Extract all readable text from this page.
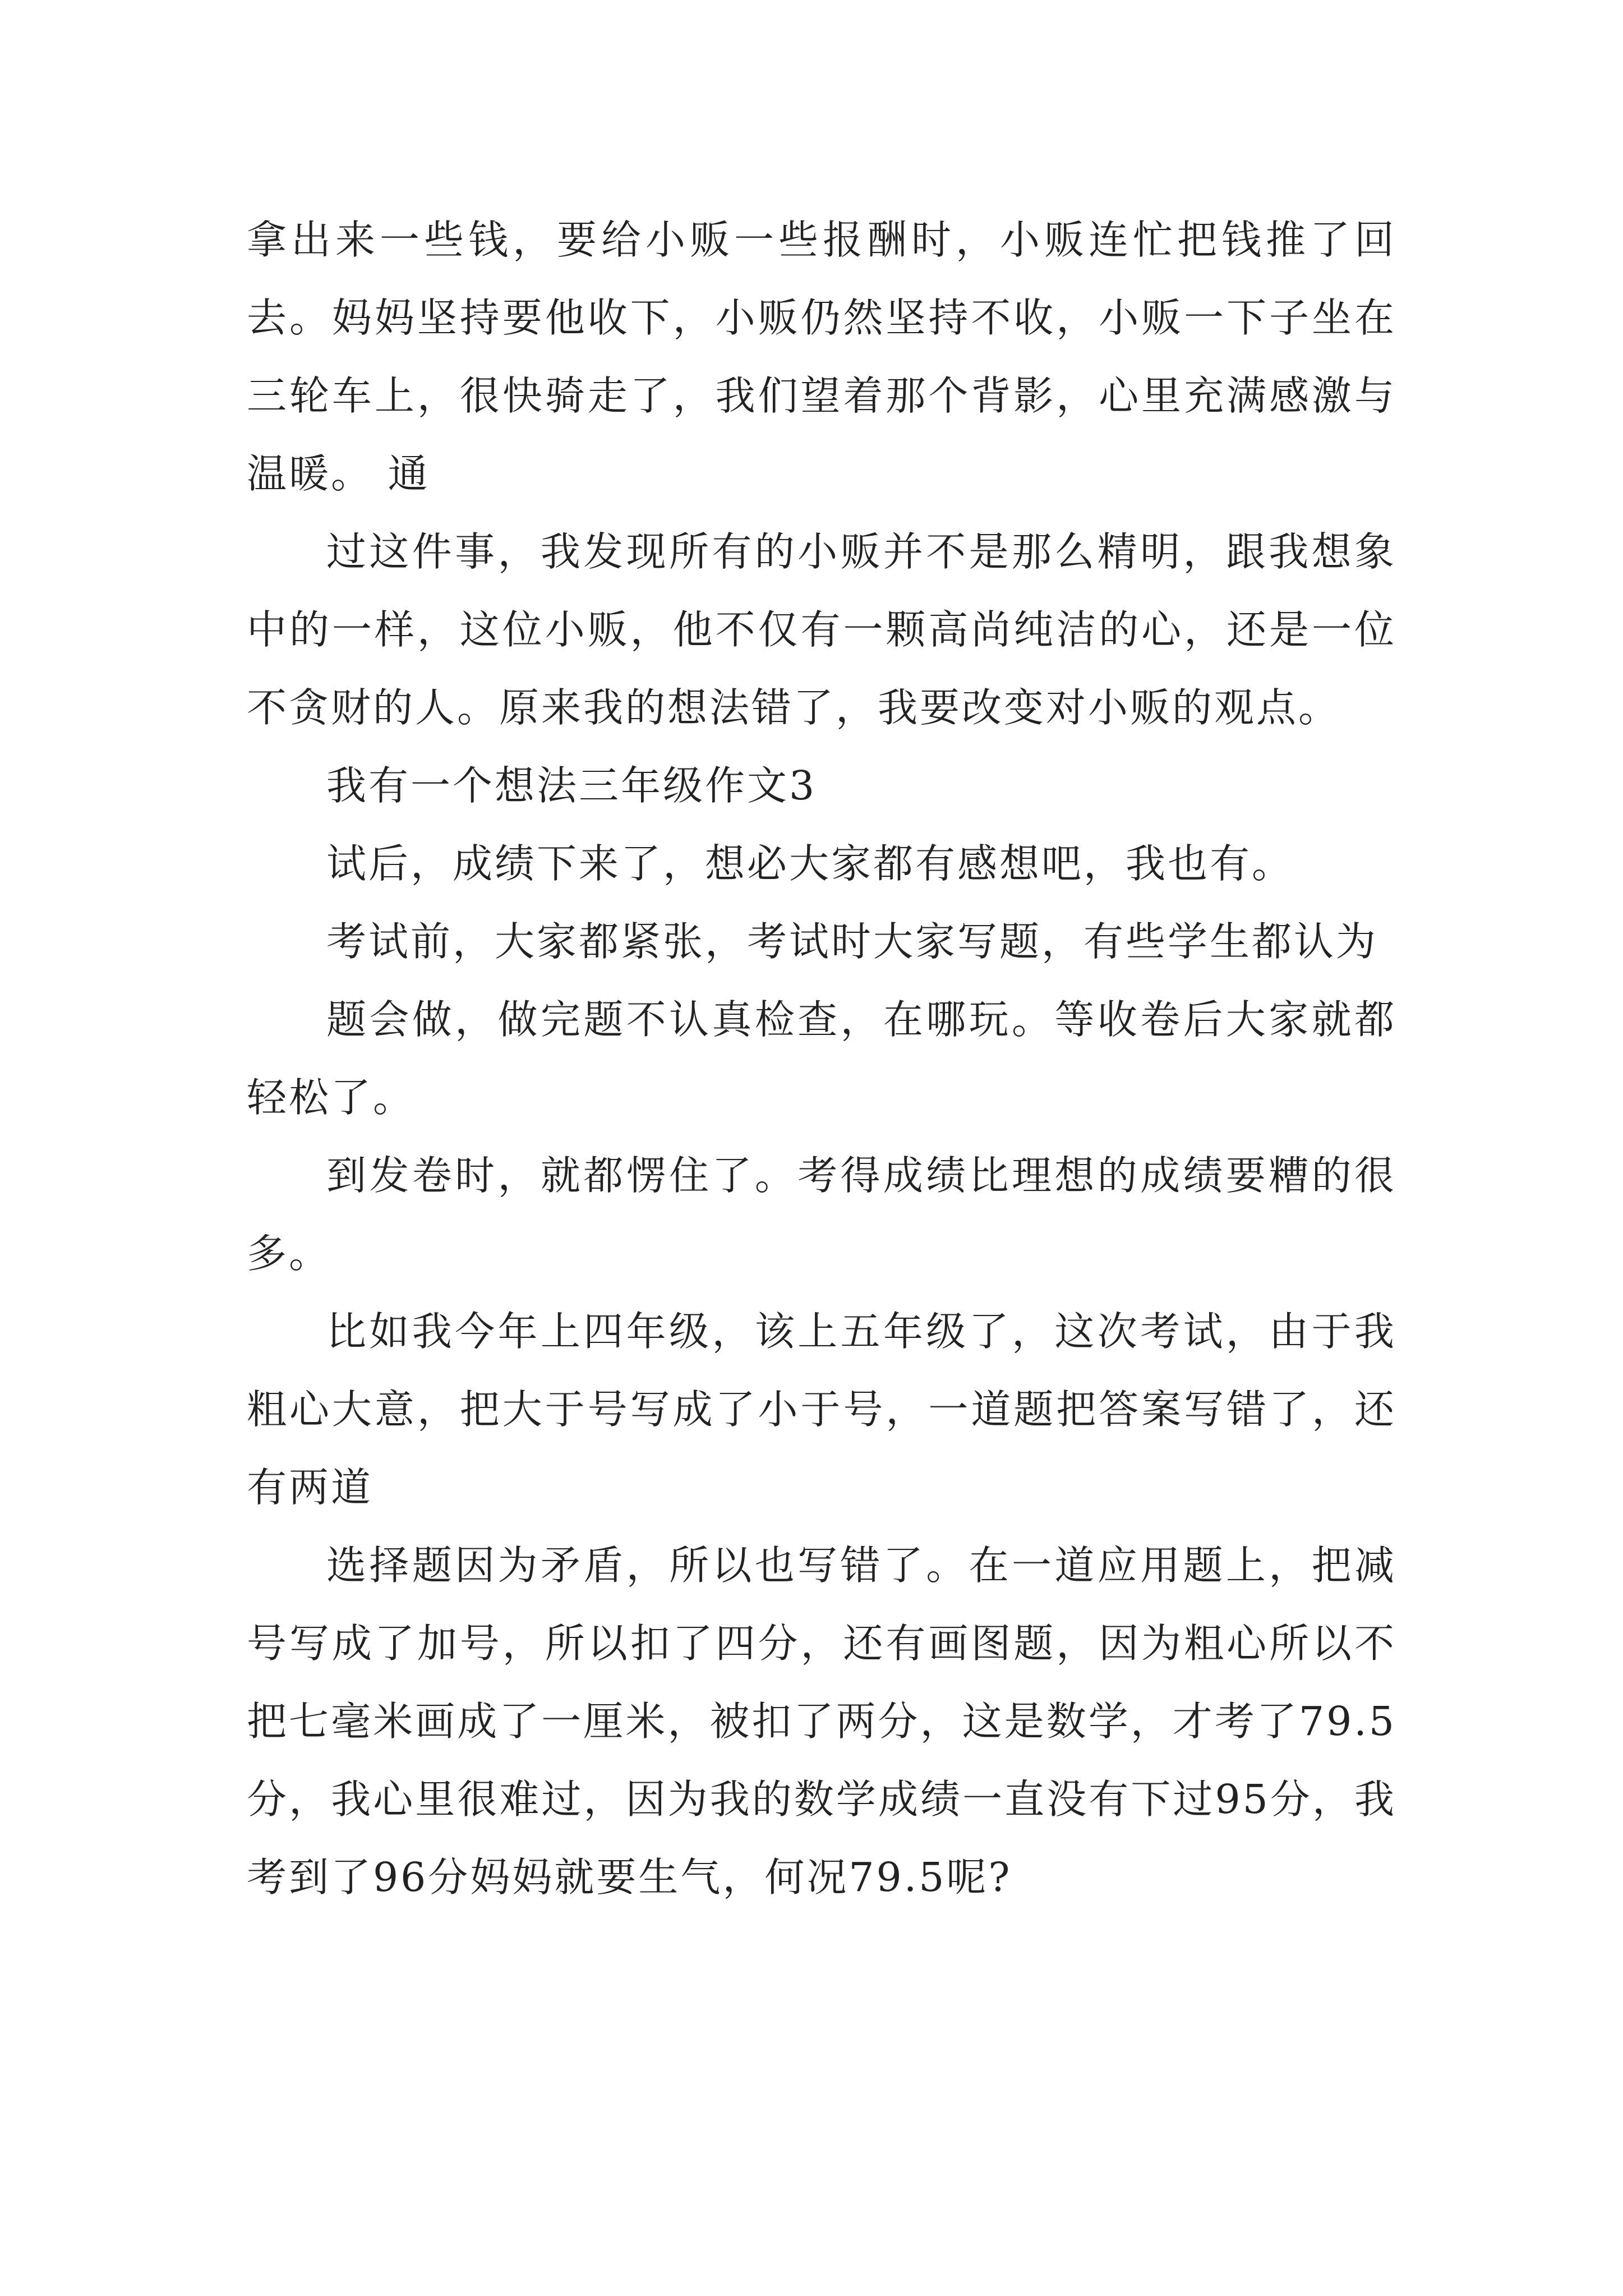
拿出来一些钱，要给小贩一些报酬时，小贩连忙把钱推了回去。妈妈坚持要他收下，小贩仍然坚持不收，小贩一下子坐在三轮车上，很快骑走了，我们望着那个背影，心里充满感激与温暖。 通

过这件事，我发现所有的小贩并不是那么精明，跟我想象中的一样，这位小贩，他不仅有一颗高尚纯洁的心，还是一位不贪财的人。原来我的想法错了，我要改变对小贩的观点。

我有一个想法三年级作文3

试后，成绩下来了，想必大家都有感想吧，我也有。

考试前，大家都紧张，考试时大家写题，有些学生都认为

题会做，做完题不认真检查，在哪玩。等收卷后大家就都轻松了。

到发卷时，就都愣住了。考得成绩比理想的成绩要糟的很多。

比如我今年上四年级，该上五年级了，这次考试，由于我粗心大意，把大于号写成了小于号，一道题把答案写错了，还有两道

选择题因为矛盾，所以也写错了。在一道应用题上，把减号写成了加号，所以扣了四分，还有画图题，因为粗心所以不把七毫米画成了一厘米，被扣了两分，这是数学，才考了79.5分，我心里很难过，因为我的数学成绩一直没有下过95分，我考到了96分妈妈就要生气，何况79.5呢?
